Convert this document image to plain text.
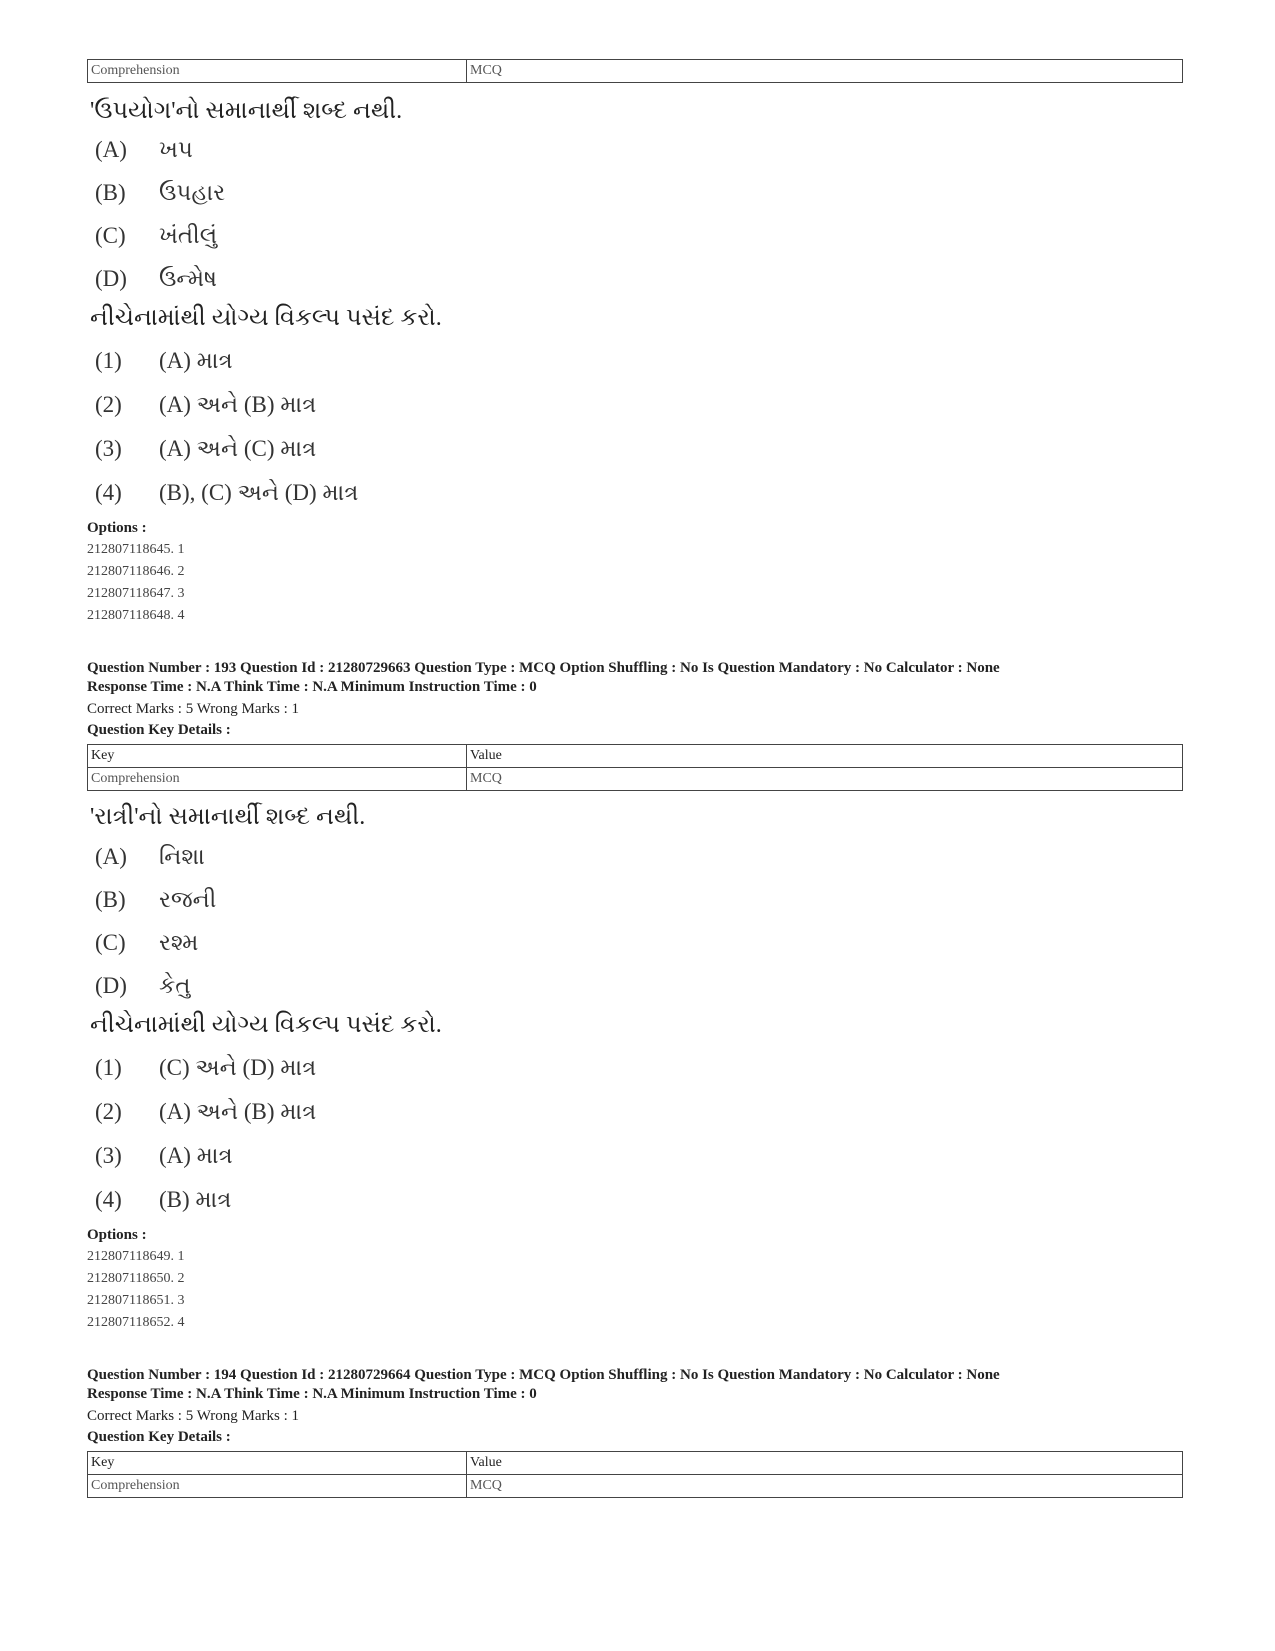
Comprehension	MCQ
'ઉપયોગ'નો સમાનાર્થી શબ્દ નથી.
(A) ખપ
(B) ઉપહાર
(C) ખંતીલું
(D) ઉન્મેષ
નીચેનામાંથી યોગ્ય વિકલ્પ પસંદ કરો.
(1) (A) માત્ર
(2) (A) અને (B) માત્ર
(3) (A) અને (C) માત્ર
(4) (B), (C) અને (D) માત્ર
Options :
212807118645. 1
212807118646. 2
212807118647. 3
212807118648. 4
Question Number : 193 Question Id : 21280729663 Question Type : MCQ Option Shuffling : No Is Question Mandatory : No Calculator : None
Response Time : N.A Think Time : N.A Minimum Instruction Time : 0
Correct Marks : 5 Wrong Marks : 1
Question Key Details :
Key	Value
Comprehension	MCQ
'રાત્રી'નો સમાનાર્થી શબ્દ નથી.
(A) નિશા
(B) રજની
(C) રશ્મ
(D) કેતુ
નીચેનામાંથી યોગ્ય વિકલ્પ પસંદ કરો.
(1) (C) અને (D) માત્ર
(2) (A) અને (B) માત્ર
(3) (A) માત્ર
(4) (B) માત્ર
Options :
212807118649. 1
212807118650. 2
212807118651. 3
212807118652. 4
Question Number : 194 Question Id : 21280729664 Question Type : MCQ Option Shuffling : No Is Question Mandatory : No Calculator : None
Response Time : N.A Think Time : N.A Minimum Instruction Time : 0
Correct Marks : 5 Wrong Marks : 1
Question Key Details :
Key	Value
Comprehension	MCQ
